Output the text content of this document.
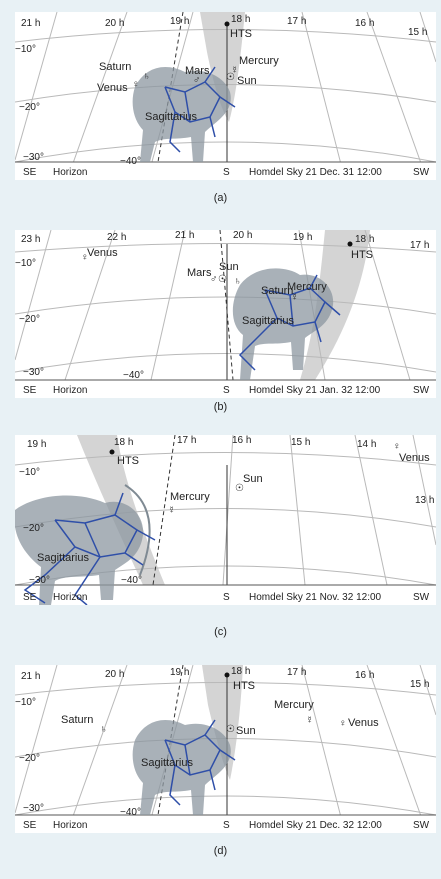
21 h	20 h	19 h	18 h	17 h	16 h
15 h
−10°
−20°
−30°	−40°
HTS
Saturn
♄
Venus ♀
Mars
♂
Mercury
☿
Sun
☉
Sagittarius
SE Horizon	S Homdel Sky 21 Dec. 31 12:00	SW
(a)
23 h	22 h	21 h	20 h	19 h	18 h
17 h
−10°
−20°
−30°	−40°
HTS
Venus
♀
Mars
♂
Sun
☉
Saturn
♄	Mercury
☿
Sagittarius
SE Horizon	S Homdel Sky 21 Jan. 32 12:00	SW
(b)
19 h	18 h	17 h	16 h	15 h	14 h
13 h
−10°
−20°
−30°	−40°
HTS	Venus
♀
Sun
☉
Mercury
☿
Sagittarius
SE Horizon	S Homdel Sky 21 Nov. 32 12:00	SW
(c)
21 h	20 h	19 h	18 h	17 h	16 h
15 h
−10°
−20°
−30°	−40°
HTS
Saturn
♄
Mercury
☿	Venus
♀
Sun
☉
Sagittarius
SE Horizon	S Homdel Sky 21 Dec. 32 12:00	SW
(d)
